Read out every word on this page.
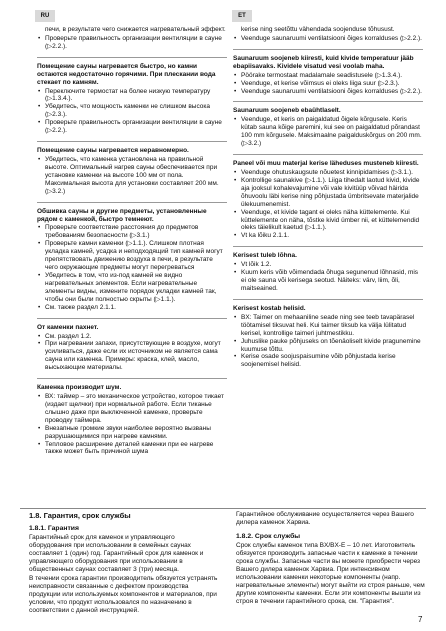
RU	ET
печи, в результате чего снижается нагревательный эффект.
• Проверьте правильность организации вентиляции в сауне (▷2.2.).
Помещение сауны нагревается быстро, но камни остаются недостаточно горячими. При плескании вода стекает по камням.
• Переключите термостат на более низкую температуру (▷1.3.4.).
• Убедитесь, что мощность каменки не слишком высока (▷2.3.).
• Проверьте правильность организации вентиляции в сауне (▷2.2.).
Помещение сауны нагревается неравномерно.
• Убедитесь, что каменка установлена на правильной высоте. Оптимальный нагрев сауны обеспечивается при установке каменки на высоте 100 мм от пола. Максимальная высота для установки составляет 200 мм. (▷3.2.)
Обшивка сауны и другие предметы, установленные рядом с каменкой, быстро темнеют.
• Проверьте соответствие расстояния до предметов требованиям безопасности (▷3.1.)
• Проверьте камни каменки (▷1.1.). Слишком плотная укладка камней, усадка и неподходящий тип камней могут препятствовать движению воздуха в печи, в результате чего окружающие предметы могут перегреваться
• Убедитесь в том, что из-под камней не видно нагревательных элементов. Если нагревательные элементы видны, измените порядок укладки камней так, чтобы они были полностью скрыты (▷1.1.).
• См. также раздел 2.1.1.
От каменки пахнет.
• См. раздел 1.2.
• При нагревании запахи, присутствующие в воздухе, могут усиливаться, даже если их источником не является сама сауна или каменка. Примеры: краска, клей, масло, высыхающие материалы.
Каменка производит шум.
• ВХ: таймер – это механическое устройство, которое тикает (издает щелчки) при нормальной работе. Если тиканье слышно даже при выключенной каменке, проверьте проводку таймера.
• Внезапные громкие звуки наиболее вероятно вызваны разрушающимися при нагреве камнями.
• Тепловое расширение деталей каменки при ее нагреве также может быть причиной шума
kerise ning seetõttu vähendada soojenduse tõhusust.
• Veenduge saunaruumi ventilatsiooni õiges korralduses (▷2.2.).
Saunaruum soojeneb kiiresti, kuid kivide temperatuur jääb ebapiisavaks. Kividele visatud vesi voolab maha.
• Pöörake termostaat madalamale seadistusele (▷1.3.4.).
• Veenduge, et kerise võimsus ei oleks liiga suur (▷2.3.).
• Veenduge saunaruumi ventilatsiooni õiges korralduses (▷2.2.).
Saunaruum soojeneb ebaühtlaselt.
• Veenduge, et keris on paigaldatud õigele kõrgusele. Keris kütab sauna kõige paremini, kui see on paigaldatud põrandast 100 mm kõrgusele. Maksimaalne paigalduskõrgus on 200 mm. (▷3.2.)
Paneel või muu materjal kerise läheduses musteneb kiiresti.
• Veenduge ohutuskaugsute nõuetest kinnipidamises (▷3.1.).
• Kontrollige saunakive (▷1.1.). Liiga tihedalt laotud kivid, kivide aja jooksul kohalevajumine või vale kivitüüp võivad häirida õhuvoolu läbi kerise ning põhjustada ümbritsevate materjalide ülekuumenemist.
• Veenduge, et kivide tagant ei oleks näha küttelemente. Kui küttelemente on näha, tõstke kivid ümber nii, et küttelemendid oleks täielikult kaetud (▷1.1.).
• Vt ka lõiku 2.1.1.
Kerisest tuleb lõhna.
• Vt lõik 1.2.
• Kuum keris võib võimendada õhuga segunenud lõhnasid, mis ei ole sauna või kerisega seotud. Näiteks: värv, liim, õli, maitseained.
Kerisest kostab helisid.
• BX: Taimer on mehaaniline seade ning see teeb tavapärasel töötamisel tiksuvat heli. Kui taimer tiksub ka välja lülitatud kerisel, kontrollige taimeri juhtmestikku.
• Juhuslike pauke põhjuseks on tõenäoliselt kivide pragunemine kuumuse tõttu.
• Kerise osade soojuspaisumine võib põhjustada kerise soojenemisel helisid.
1.8. Гарантия, срок службы
1.8.1. Гарантия
Гарантийный срок для каменок и управляющего оборудования при использовании в семейных саунах составляет 1 (один) год. Гарантийный срок для каменок и управляющего оборудования при использовании в общественных саунах составляет 3 (три) месяца.
В течении срока гарантии производитель обязуется устранять неисправности связанные с дефектом производства продукции или используемых компонентов и материалов, при условии, что продукт использовался по назначению в соответствии с данной инструкцией.
Гарантийное обслуживание осуществляется через Вашего дилера каменок Харвиа.
1.8.2. Срок службы
Срок службы каменок типа BX/BX-E – 10 лет. Изготовитель обязуется производить запасные части к каменке в течении срока службы. Запасные части вы можете приобрести через Вашего дилера каменок Харвиа. При интенсивном использовании каменки некоторые компоненты (напр. нагревательные элементы) могут выйти из строя раньше, чем другие компоненты каменки. Если эти компоненты вышли из строя в течении гарантийного срока, см. "Гарантия".
7
